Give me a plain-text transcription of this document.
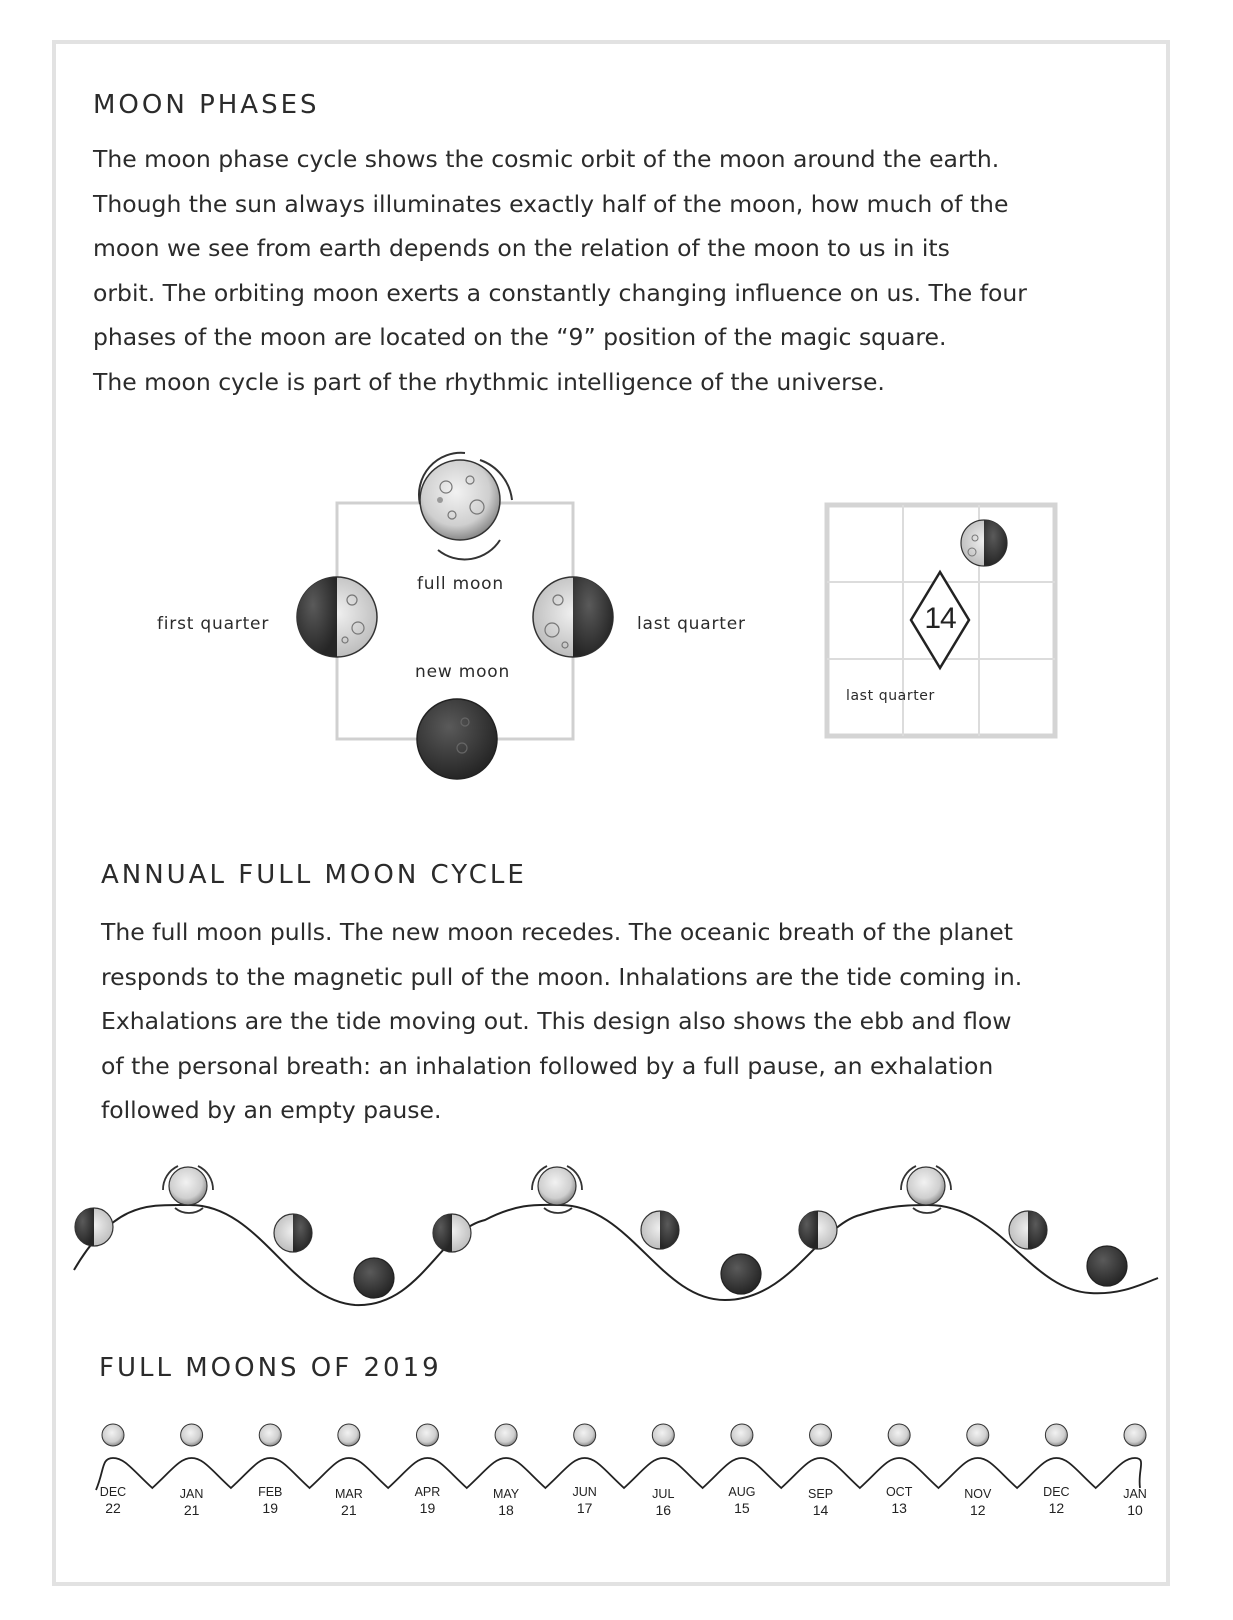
MOON PHASES

The moon phase cycle shows the cosmic orbit of the moon around the earth.
Though the sun always illuminates exactly half of the moon, how much of the
moon we see from earth depends on the relation of the moon to us in its
orbit. The orbiting moon exerts a constantly changing influence on us. The four
phases of the moon are located on the “9” position of the magic square.
The moon cycle is part of the rhythmic intelligence of the universe.

full moon
new moon
first quarter	last quarter	14
last quarter
ANNUAL FULL MOON CYCLE

The full moon pulls. The new moon recedes. The oceanic breath of the planet
responds to the magnetic pull of the moon. Inhalations are the tide coming in.
Exhalations are the tide moving out. This design also shows the ebb and flow
of the personal breath: an inhalation followed by a full pause, an exhalation
followed by an empty pause.

FULL MOONS OF 2019
DEC
22
JAN
21
FEB
19
MAR
21
APR
19
MAY
18
JUN
17
JUL
16
AUG
15
SEP
14
OCT
13
NOV
12
DEC
12
JAN
10
